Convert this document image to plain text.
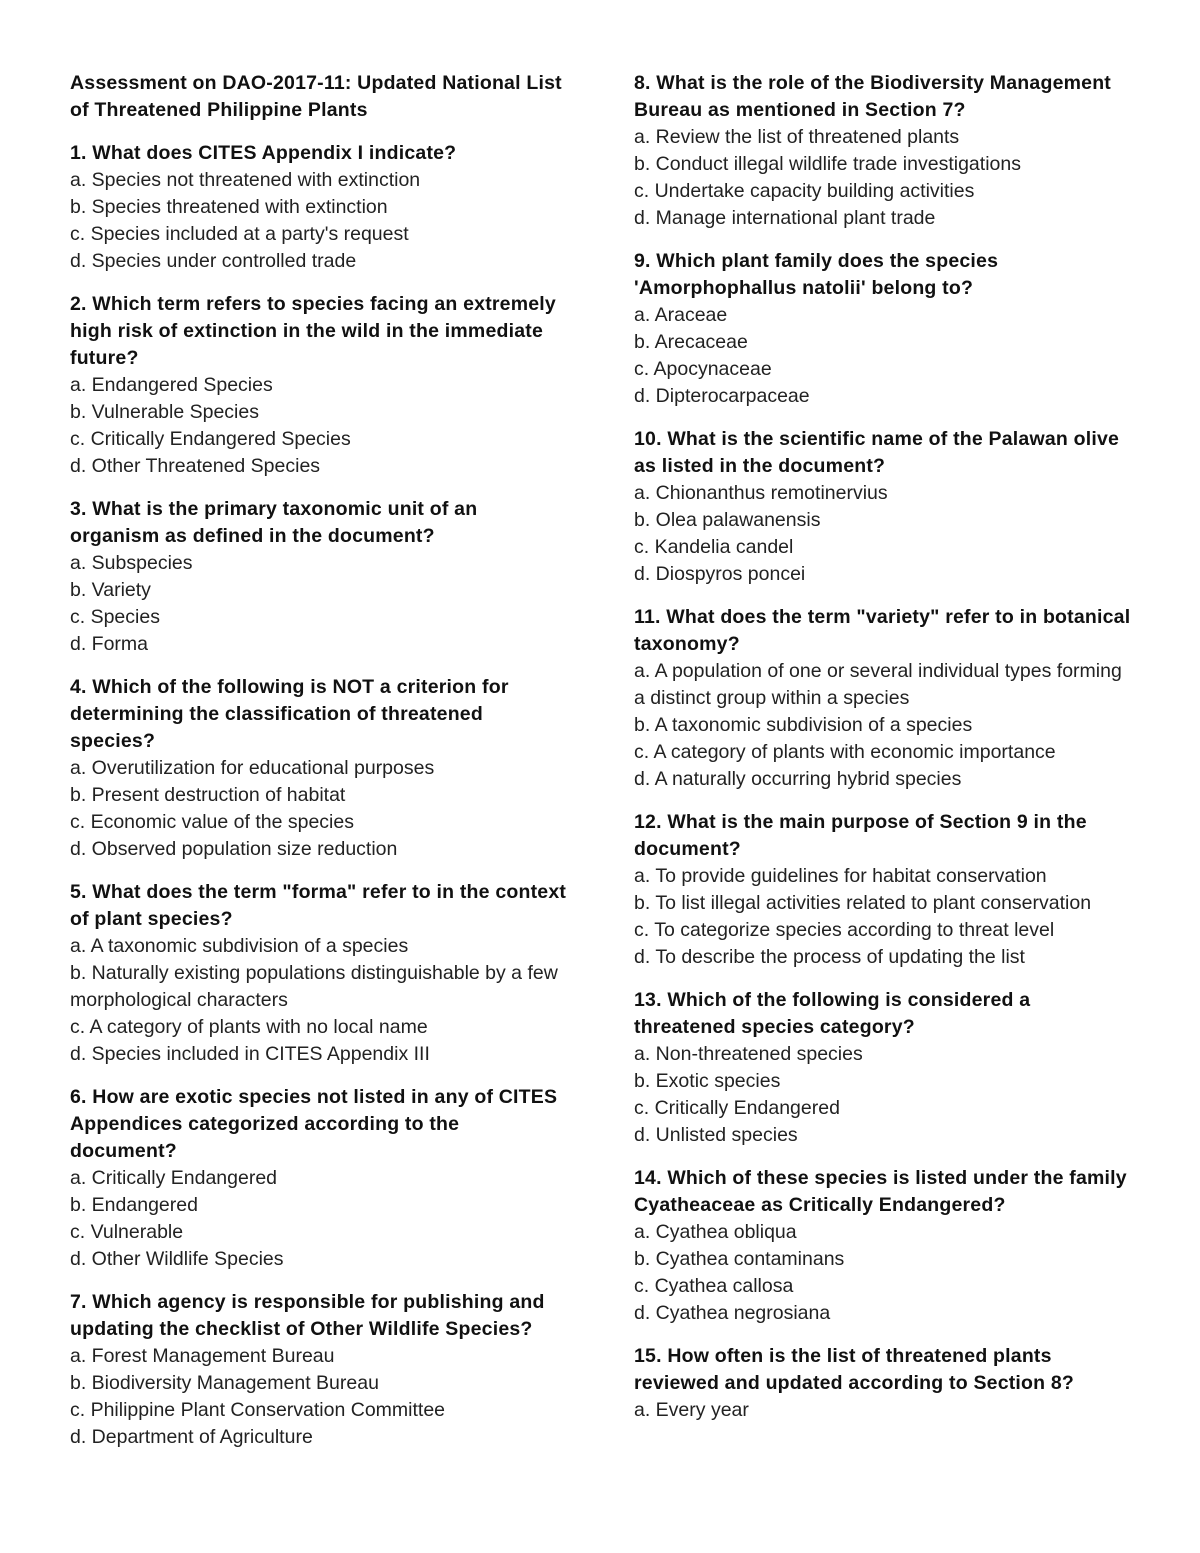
Assessment on DAO-2017-11: Updated National List of Threatened Philippine Plants

1. What does CITES Appendix I indicate?

a. Species not threatened with extinction
b. Species threatened with extinction
c. Species included at a party's request
d. Species under controlled trade

2. Which term refers to species facing an extremely high risk of extinction in the wild in the immediate future?

a. Endangered Species
b. Vulnerable Species
c. Critically Endangered Species
d. Other Threatened Species

3. What is the primary taxonomic unit of an organism as defined in the document?

a. Subspecies
b. Variety
c. Species
d. Forma

4. Which of the following is NOT a criterion for determining the classification of threatened species?

a. Overutilization for educational purposes
b. Present destruction of habitat
c. Economic value of the species
d. Observed population size reduction

5. What does the term "forma" refer to in the context of plant species?

a. A taxonomic subdivision of a species
b. Naturally existing populations distinguishable by a few morphological characters
c. A category of plants with no local name
d. Species included in CITES Appendix III

6. How are exotic species not listed in any of CITES Appendices categorized according to the document?

a. Critically Endangered
b. Endangered
c. Vulnerable
d. Other Wildlife Species

7. Which agency is responsible for publishing and updating the checklist of Other Wildlife Species?

a. Forest Management Bureau
b. Biodiversity Management Bureau
c. Philippine Plant Conservation Committee
d. Department of Agriculture

8. What is the role of the Biodiversity Management Bureau as mentioned in Section 7?

a. Review the list of threatened plants
b. Conduct illegal wildlife trade investigations
c. Undertake capacity building activities
d. Manage international plant trade

9. Which plant family does the species 'Amorphophallus natolii' belong to?

a. Araceae
b. Arecaceae
c. Apocynaceae
d. Dipterocarpaceae

10. What is the scientific name of the Palawan olive as listed in the document?

a. Chionanthus remotinervius
b. Olea palawanensis
c. Kandelia candel
d. Diospyros poncei

11. What does the term "variety" refer to in botanical taxonomy?

a. A population of one or several individual types forming a distinct group within a species
b. A taxonomic subdivision of a species
c. A category of plants with economic importance
d. A naturally occurring hybrid species

12. What is the main purpose of Section 9 in the document?

a. To provide guidelines for habitat conservation
b. To list illegal activities related to plant conservation
c. To categorize species according to threat level
d. To describe the process of updating the list

13. Which of the following is considered a threatened species category?

a. Non-threatened species
b. Exotic species
c. Critically Endangered
d. Unlisted species

14. Which of these species is listed under the family Cyatheaceae as Critically Endangered?

a. Cyathea obliqua
b. Cyathea contaminans
c. Cyathea callosa
d. Cyathea negrosiana

15. How often is the list of threatened plants reviewed and updated according to Section 8?

a. Every year
